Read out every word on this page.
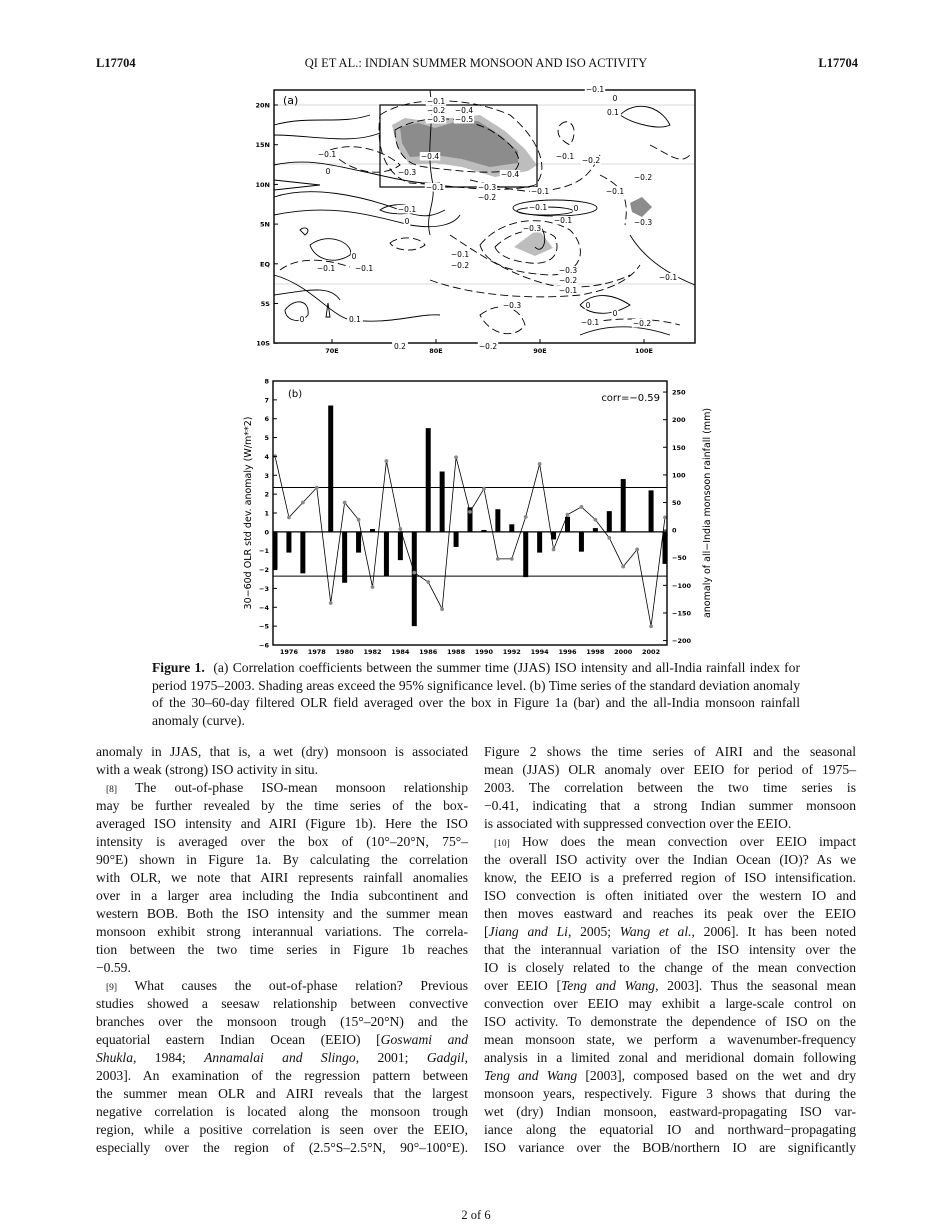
QI ET AL.: INDIAN SUMMER MONSOON AND ISO ACTIVITY
L17704	L17704
(a)
20N
15N
10N
5N
EQ
5S
10S
70E	80E	90E	100E
−0.1
−0.2
−0.3
−0.4
−0.5
−0.1
0
−0.4
−0.3	−0.4
−0.1 −0.2
−0.1	−0.3
−0.2
−0.1
−0.1
0
−0.1	0
−0.1
−0.3
0	−0.1
−0.2
−0.1	−0.1	−0.3
−0.2
−0.1
−0.3
0	0.1
0
0
−0.1	−0.2
−0.2
−0.1
−0.3
−0.1
0.1
0
−0.1
0.2	−0.2
8
7
6
5
4
3
2
1
0
−1
−2
−3
−4
−5
−6
250
200
150
100
50
0
−50
−100
−150
−200
1976 1978 1980 1982 1984 1986 1988 1990 1992 1994 1996 1998 2000 2002
(b)	corr=−0.59
30−60d OLR std dev. anomaly (W/m**2)	anomaly of all−India monsoon rainfall (mm)
Figure 1. (a) Correlation coefficients between the summer time (JJAS) ISO intensity and all-India rainfall index for period 1975–2003. Shading areas exceed the 95% significance level. (b) Time series of the standard deviation anomaly of the 30–60-day filtered OLR field averaged over the box in Figure 1a (bar) and the all-India monsoon rainfall anomaly (curve).
anomaly in JJAS, that is, a wet (dry) monsoon is associated
with a weak (strong) ISO activity in situ.
[8] The out-of-phase ISO-mean monsoon relationship
may be further revealed by the time series of the box-
averaged ISO intensity and AIRI (Figure 1b). Here the ISO
intensity is averaged over the box of (10°–20°N, 75°–
90°E) shown in Figure 1a. By calculating the correlation
with OLR, we note that AIRI represents rainfall anomalies
over in a larger area including the India subcontinent and
western BOB. Both the ISO intensity and the summer mean
monsoon exhibit strong interannual variations. The correla-
tion between the two time series in Figure 1b reaches
−0.59.
[9] What causes the out-of-phase relation? Previous
studies showed a seesaw relationship between convective
branches over the monsoon trough (15°–20°N) and the
equatorial eastern Indian Ocean (EEIO) [Goswami and
Shukla, 1984; Annamalai and Slingo, 2001; Gadgil,
2003]. An examination of the regression pattern between
the summer mean OLR and AIRI reveals that the largest
negative correlation is located along the monsoon trough
region, while a positive correlation is seen over the EEIO,
especially over the region of (2.5°S–2.5°N, 90°–100°E).
Figure 2 shows the time series of AIRI and the seasonal
mean (JJAS) OLR anomaly over EEIO for period of 1975–
2003. The correlation between the two time series is
−0.41, indicating that a strong Indian summer monsoon
is associated with suppressed convection over the EEIO.
[10] How does the mean convection over EEIO impact
the overall ISO activity over the Indian Ocean (IO)? As we
know, the EEIO is a preferred region of ISO intensification.
ISO convection is often initiated over the western IO and
then moves eastward and reaches its peak over the EEIO
[Jiang and Li, 2005; Wang et al., 2006]. It has been noted
that the interannual variation of the ISO intensity over the
IO is closely related to the change of the mean convection
over EEIO [Teng and Wang, 2003]. Thus the seasonal mean
convection over EEIO may exhibit a large-scale control on
ISO activity. To demonstrate the dependence of ISO on the
mean monsoon state, we perform a wavenumber-frequency
analysis in a limited zonal and meridional domain following
Teng and Wang [2003], composed based on the wet and dry
monsoon years, respectively. Figure 3 shows that during the
wet (dry) Indian monsoon, eastward-propagating ISO var-
iance along the equatorial IO and northward−propagating
ISO variance over the BOB/northern IO are significantly
2 of 6
